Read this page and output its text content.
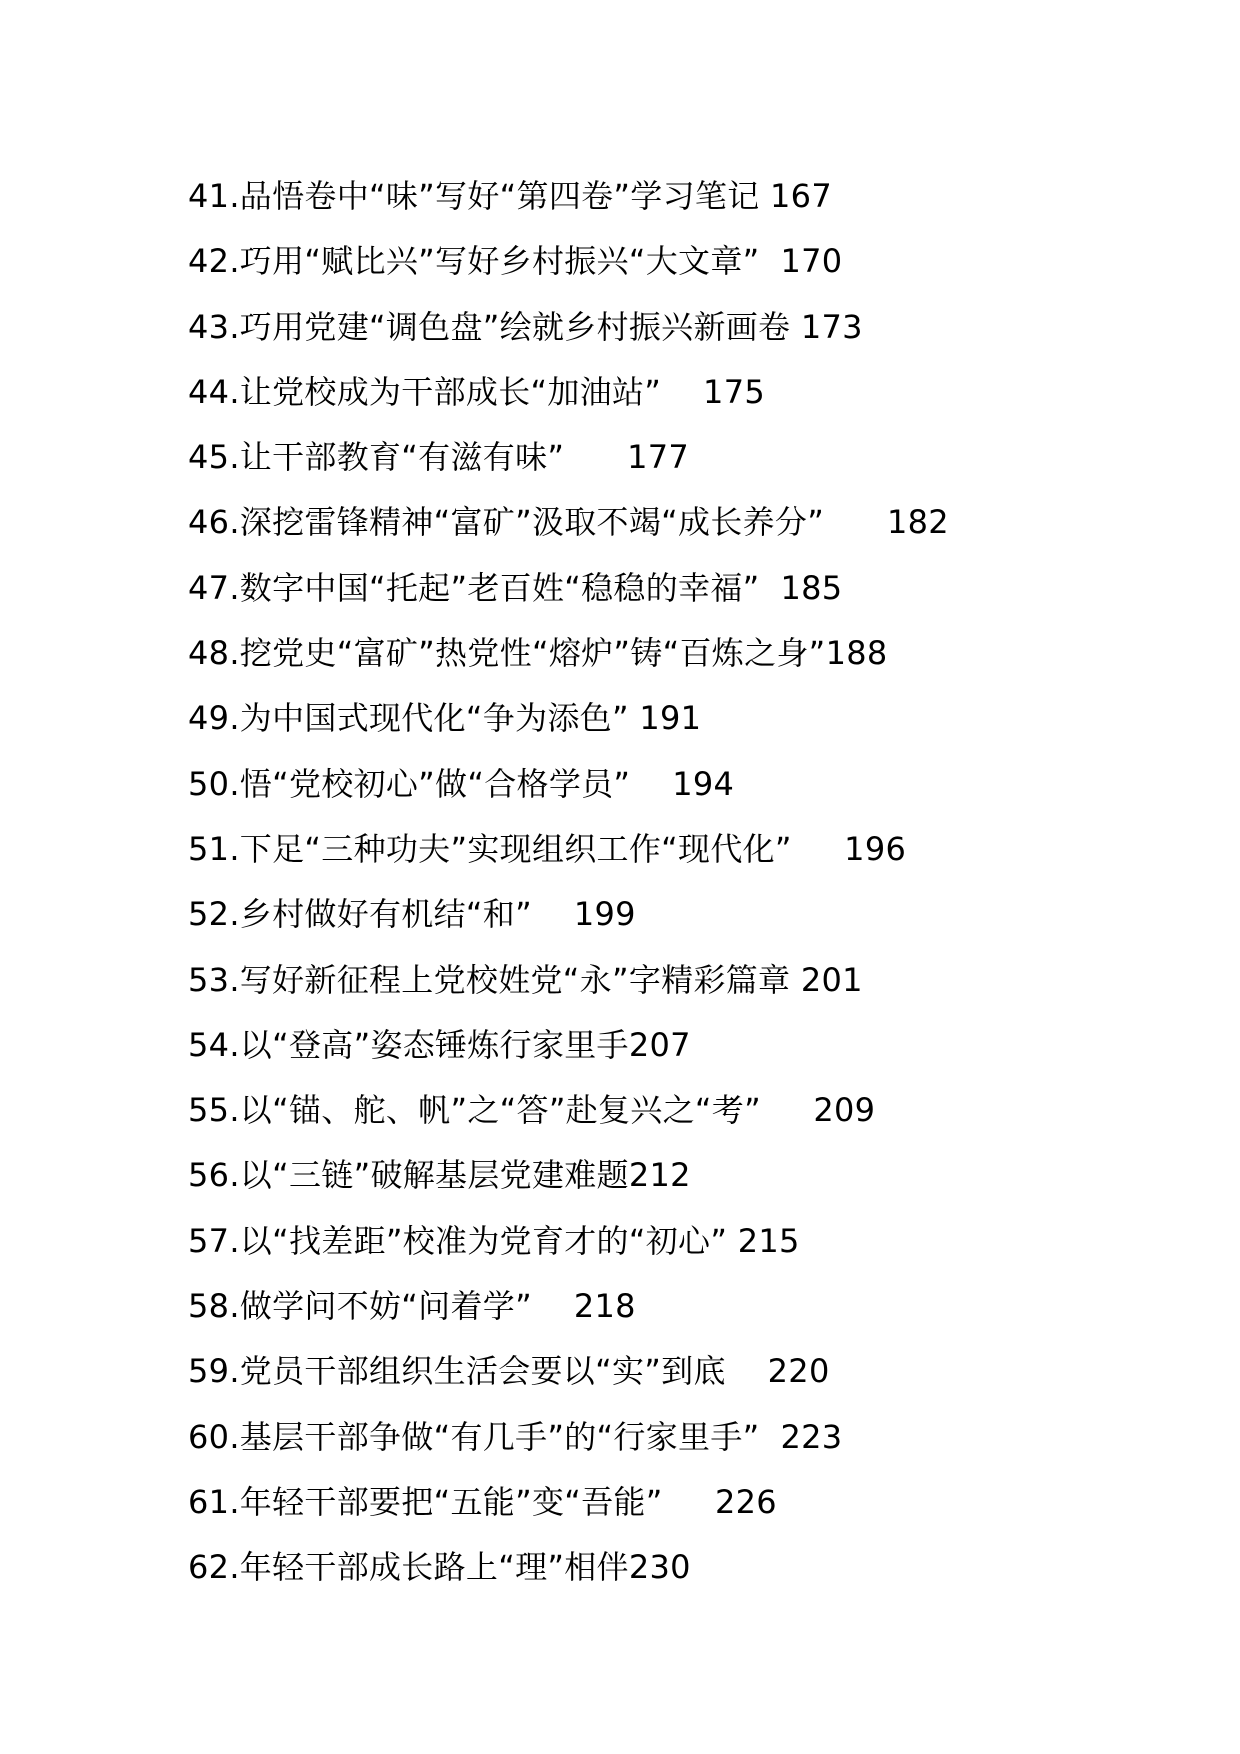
41.品悟卷中“味”写好“第四卷”学习笔记 167
42.巧用“赋比兴”写好乡村振兴“大文章” 170
43.巧用党建“调色盘”绘就乡村振兴新画卷 173
44.让党校成为干部成长“加油站” 175
45.让干部教育“有滋有味” 177
46.深挖雷锋精神“富矿”汲取不竭“成长养分” 182
47.数字中国“托起”老百姓“稳稳的幸福” 185
48.挖党史“富矿”热党性“熔炉”铸“百炼之身”188
49.为中国式现代化“争为添色” 191
50.悟“党校初心”做“合格学员” 194
51.下足“三种功夫”实现组织工作“现代化” 196
52.乡村做好有机结“和” 199
53.写好新征程上党校姓党“永”字精彩篇章 201
54.以“登高”姿态锤炼行家里手207
55.以“锚、舵、帆”之“答”赴复兴之“考” 209
56.以“三链”破解基层党建难题212
57.以“找差距”校准为党育才的“初心” 215
58.做学问不妨“问着学” 218
59.党员干部组织生活会要以“实”到底 220
60.基层干部争做“有几手”的“行家里手” 223
61.年轻干部要把“五能”变“吾能” 226
62.年轻干部成长路上“理”相伴230
